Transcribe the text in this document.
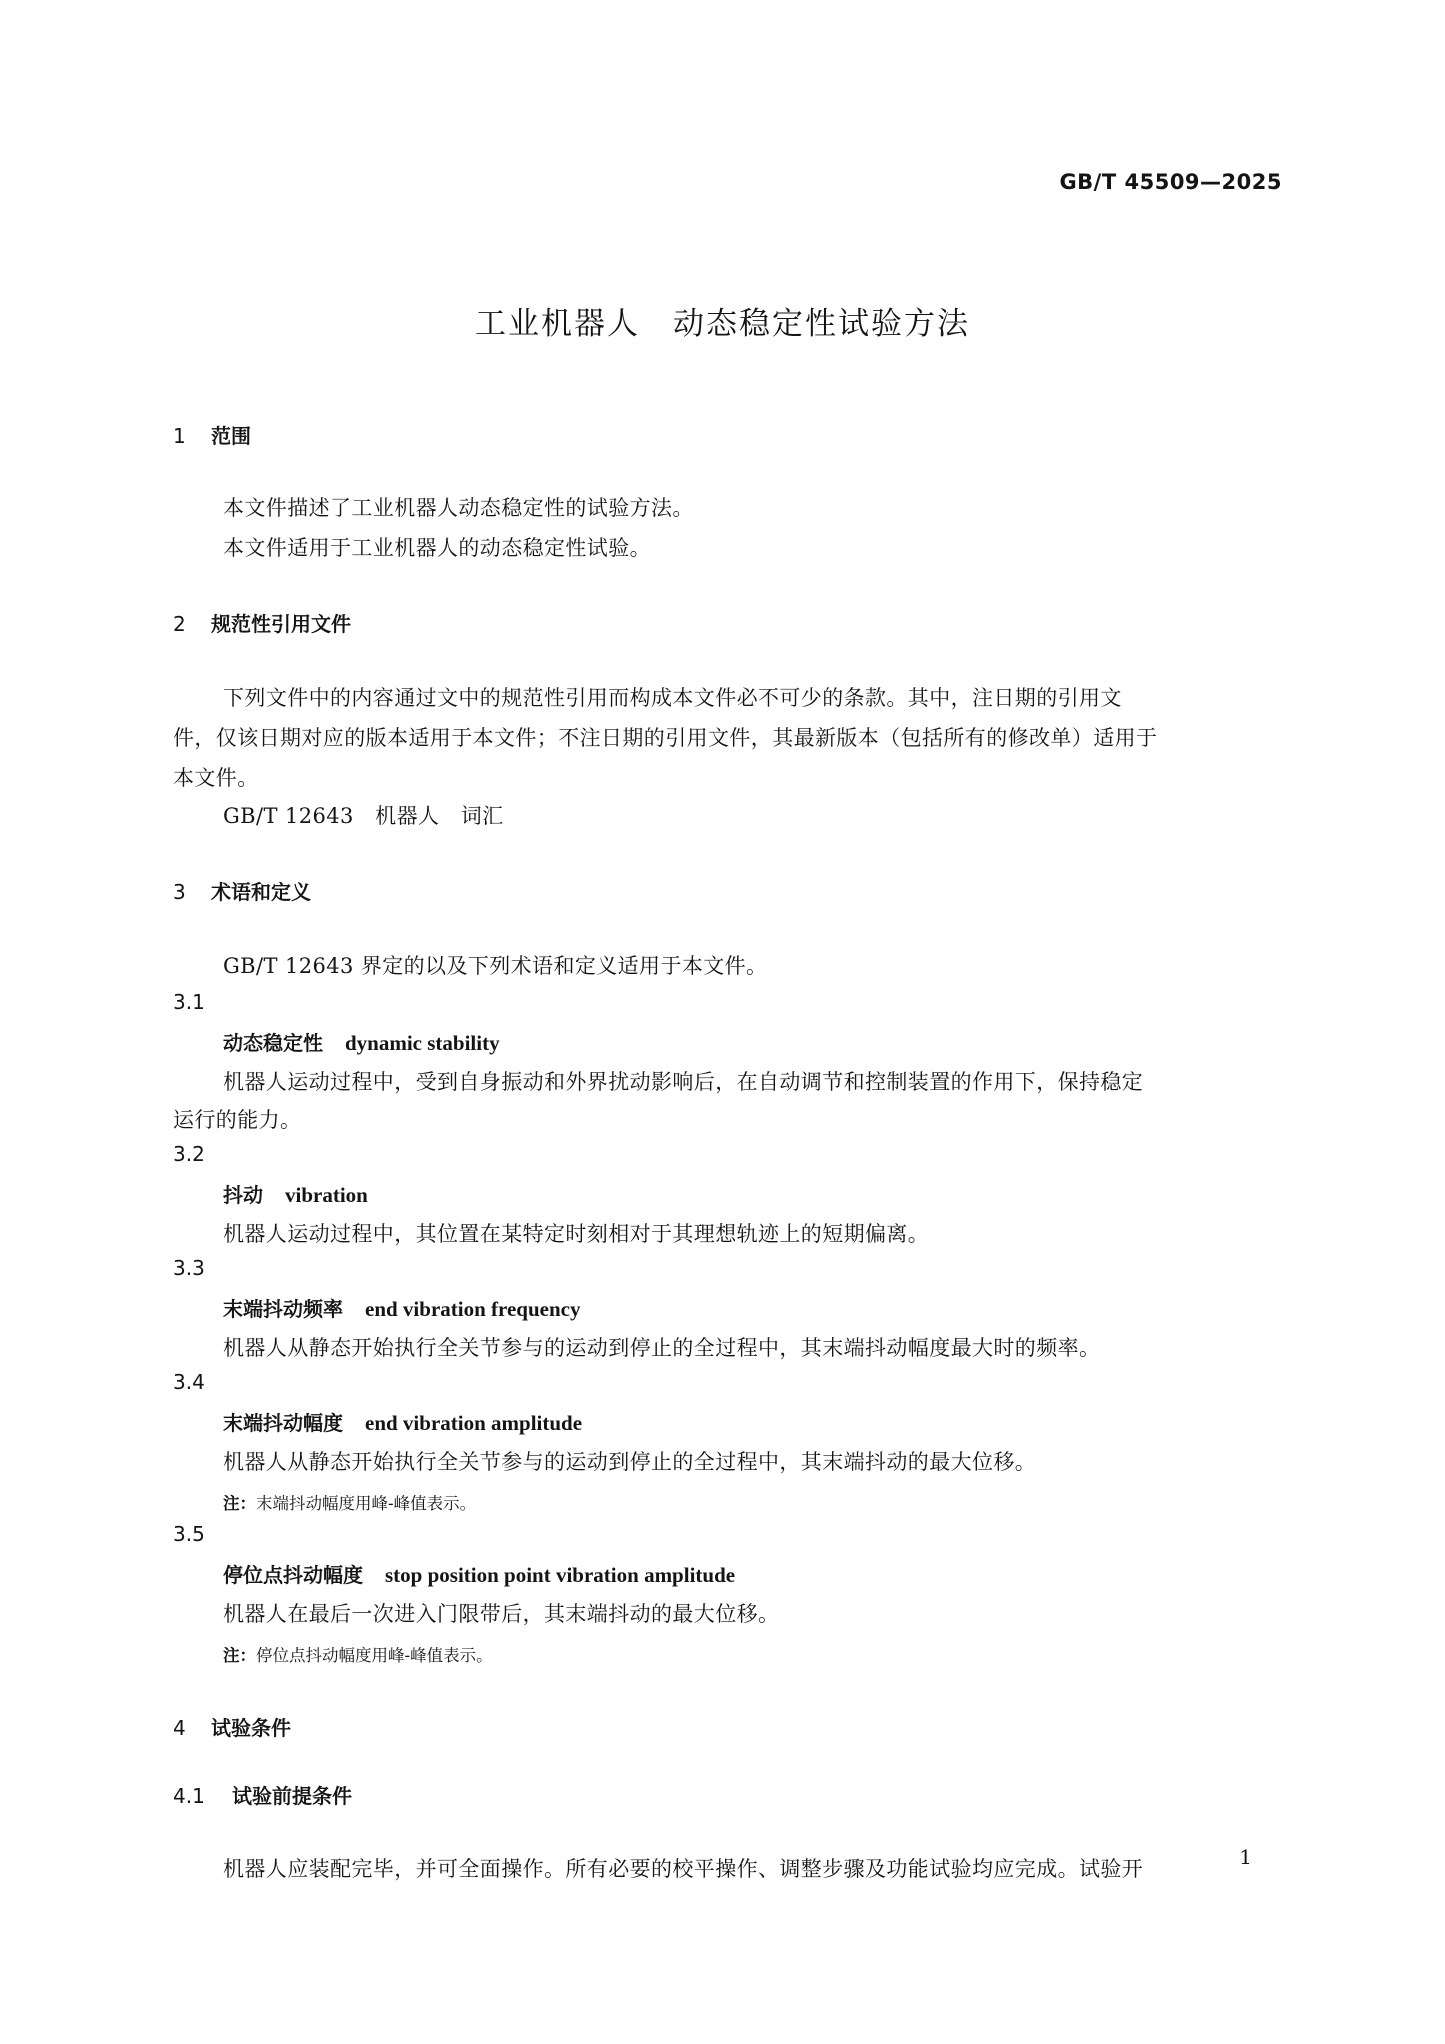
GB/T 45509—2025
工业机器人　动态稳定性试验方法
1 范围
本文件描述了工业机器人动态稳定性的试验方法。
本文件适用于工业机器人的动态稳定性试验。
2 规范性引用文件
下列文件中的内容通过文中的规范性引用而构成本文件必不可少的条款。其中，注日期的引用文
件，仅该日期对应的版本适用于本文件；不注日期的引用文件，其最新版本（包括所有的修改单）适用于
本文件。
GB/T 12643　机器人　词汇
3 术语和定义
GB/T 12643 界定的以及下列术语和定义适用于本文件。
3.1
动态稳定性 dynamic stability
机器人运动过程中，受到自身振动和外界扰动影响后，在自动调节和控制装置的作用下，保持稳定
运行的能力。
3.2
抖动 vibration
机器人运动过程中，其位置在某特定时刻相对于其理想轨迹上的短期偏离。
3.3
末端抖动频率 end vibration frequency
机器人从静态开始执行全关节参与的运动到停止的全过程中，其末端抖动幅度最大时的频率。
3.4
末端抖动幅度 end vibration amplitude
机器人从静态开始执行全关节参与的运动到停止的全过程中，其末端抖动的最大位移。
注：末端抖动幅度用峰-峰值表示。
3.5
停位点抖动幅度 stop position point vibration amplitude
机器人在最后一次进入门限带后，其末端抖动的最大位移。
注：停位点抖动幅度用峰-峰值表示。
4 试验条件
4.1 试验前提条件
机器人应装配完毕，并可全面操作。所有必要的校平操作、调整步骤及功能试验均应完成。试验开	1
